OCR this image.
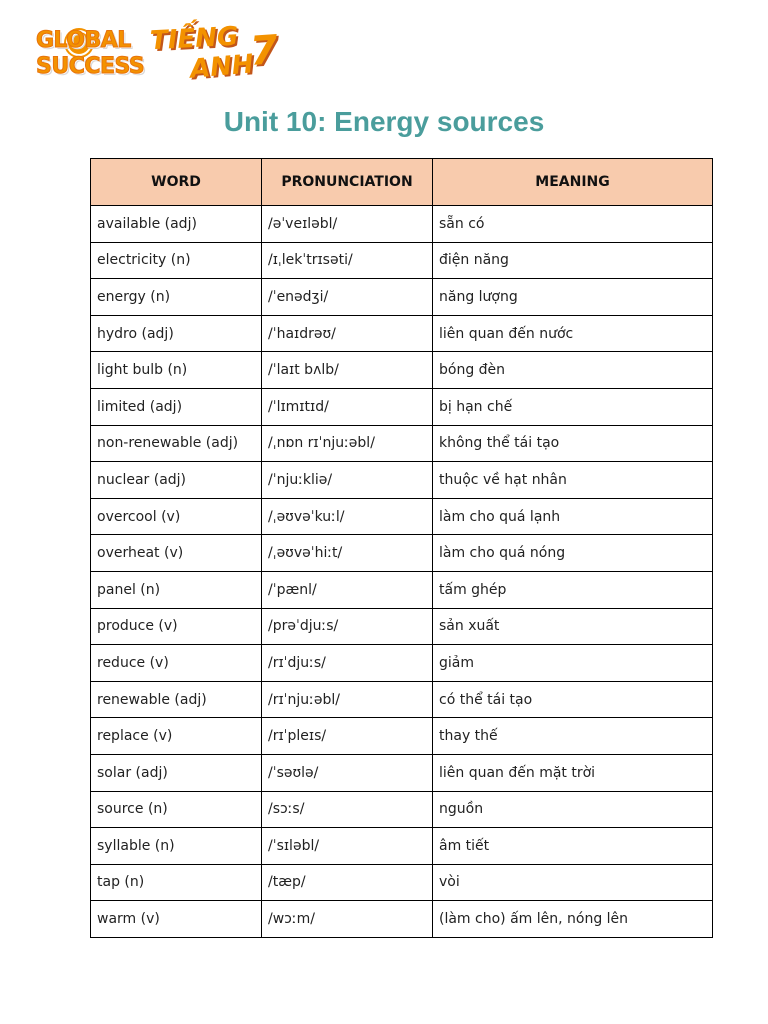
GLOBAL
SUCCESS
TIẾNG
ANH
7
Unit 10: Energy sources
WORD	PRONUNCIATION	MEANING
available (adj)	/əˈveɪləbl/	sẵn có
electricity (n)	/ɪˌlekˈtrɪsəti/	điện năng
energy (n)	/ˈenədʒi/	năng lượng
hydro (adj)	/ˈhaɪdrəʊ/	liên quan đến nước
light bulb (n)	/ˈlaɪt bʌlb/	bóng đèn
limited (adj)	/ˈlɪmɪtɪd/	bị hạn chế
non-renewable (adj)	/ˌnɒn rɪˈnjuːəbl/	không thể tái tạo
nuclear (adj)	/ˈnjuːkliə/	thuộc về hạt nhân
overcool (v)	/ˌəʊvəˈkuːl/	làm cho quá lạnh
overheat (v)	/ˌəʊvəˈhiːt/	làm cho quá nóng
panel (n)	/ˈpænl/	tấm ghép
produce (v)	/prəˈdjuːs/	sản xuất
reduce (v)	/rɪˈdjuːs/	giảm
renewable (adj)	/rɪˈnjuːəbl/	có thể tái tạo
replace (v)	/rɪˈpleɪs/	thay thế
solar (adj)	/ˈsəʊlə/	liên quan đến mặt trời
source (n)	/sɔːs/	nguồn
syllable (n)	/ˈsɪləbl/	âm tiết
tap (n)	/tæp/	vòi
warm (v)	/wɔːm/	(làm cho) ấm lên, nóng lên
